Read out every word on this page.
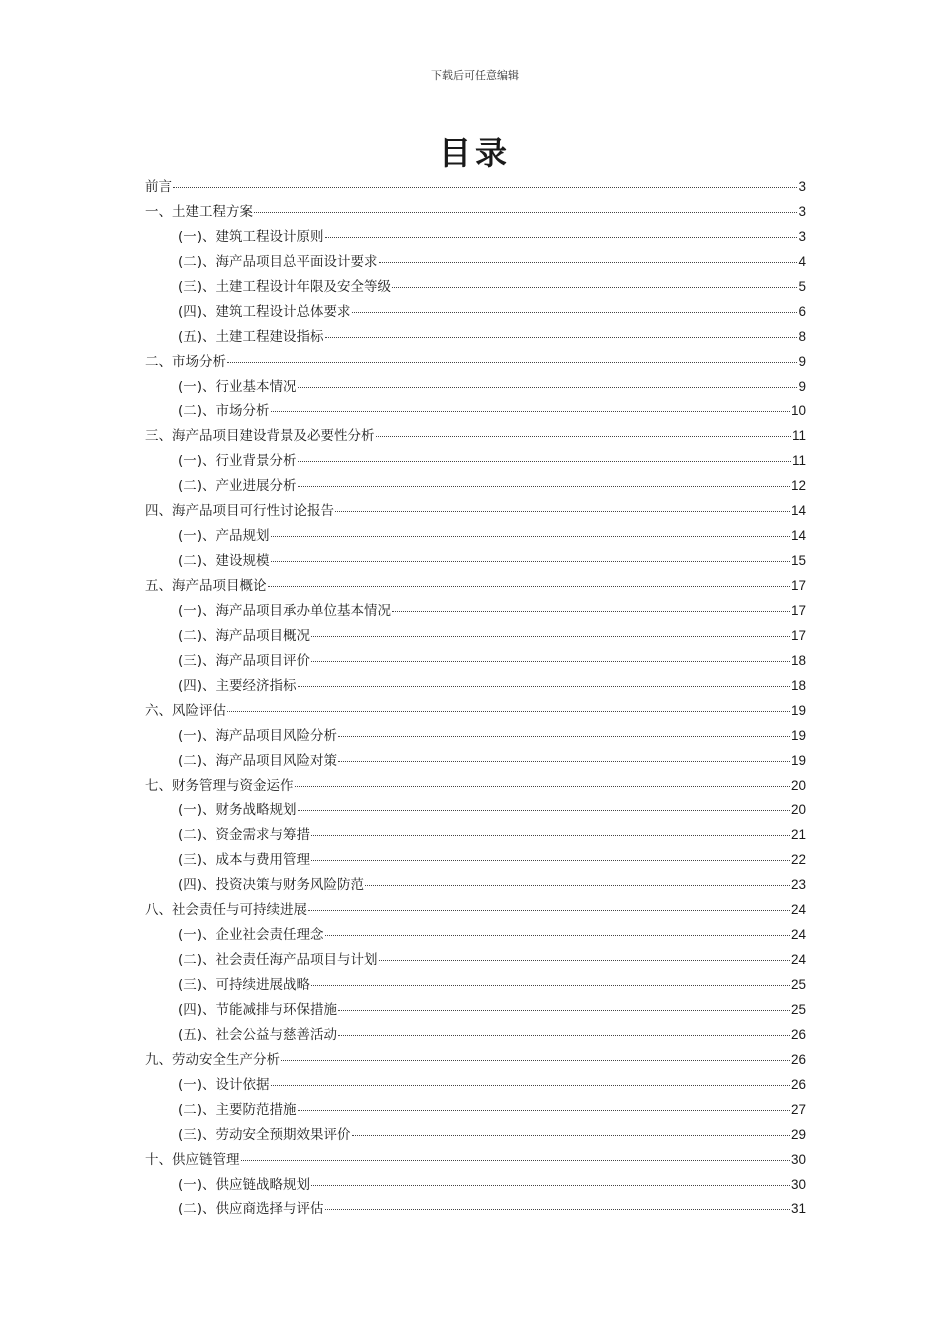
下载后可任意编辑
目录
前言	3
一、土建工程方案	3
(一)、建筑工程设计原则	3
(二)、海产品项目总平面设计要求	4
(三)、土建工程设计年限及安全等级	5
(四)、建筑工程设计总体要求	6
(五)、土建工程建设指标	8
二、市场分析	9
(一)、行业基本情况	9
(二)、市场分析	10
三、海产品项目建设背景及必要性分析	11
(一)、行业背景分析	11
(二)、产业进展分析	12
四、海产品项目可行性讨论报告	14
(一)、产品规划	14
(二)、建设规模	15
五、海产品项目概论	17
(一)、海产品项目承办单位基本情况	17
(二)、海产品项目概况	17
(三)、海产品项目评价	18
(四)、主要经济指标	18
六、风险评估	19
(一)、海产品项目风险分析	19
(二)、海产品项目风险对策	19
七、财务管理与资金运作	20
(一)、财务战略规划	20
(二)、资金需求与筹措	21
(三)、成本与费用管理	22
(四)、投资决策与财务风险防范	23
八、社会责任与可持续进展	24
(一)、企业社会责任理念	24
(二)、社会责任海产品项目与计划	24
(三)、可持续进展战略	25
(四)、节能减排与环保措施	25
(五)、社会公益与慈善活动	26
九、劳动安全生产分析	26
(一)、设计依据	26
(二)、主要防范措施	27
(三)、劳动安全预期效果评价	29
十、供应链管理	30
(一)、供应链战略规划	30
(二)、供应商选择与评估	31
